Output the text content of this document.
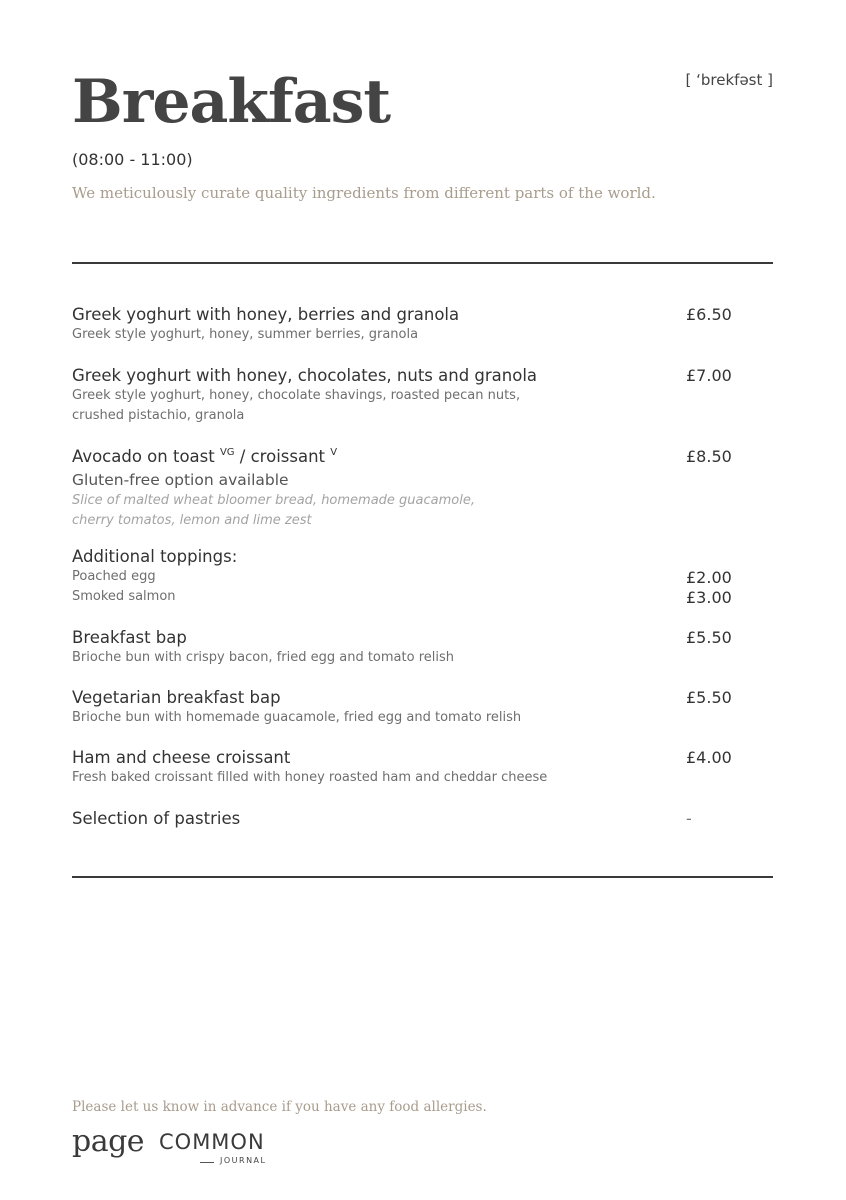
Breakfast	[ ‘brekfəst ]
(08:00 - 11:00)
We meticulously curate quality ingredients from different parts of the world.
Greek yoghurt with honey, berries and granola
Greek style yoghurt, honey, summer berries, granola
£6.50
Greek yoghurt with honey, chocolates, nuts and granola
Greek style yoghurt, honey, chocolate shavings, roasted pecan nuts,
crushed pistachio, granola
£7.00
Avocado on toast $^{VG}$ / croissant $^V$
Gluten-free option available
Slice of malted wheat bloomer bread, homemade guacamole,
cherry tomatos, lemon and lime zest
£8.50
Additional toppings:
Poached egg
Smoked salmon
£2.00
£3.00
Breakfast bap
Brioche bun with crispy bacon, fried egg and tomato relish
£5.50
Vegetarian breakfast bap
Brioche bun with homemade guacamole, fried egg and tomato relish
£5.50
Ham and cheese croissant
Fresh baked croissant filled with honey roasted ham and cheddar cheese
£4.00
Selection of pastries	-
Please let us know in advance if you have any food allergies.
page COMMON
JOURNAL
